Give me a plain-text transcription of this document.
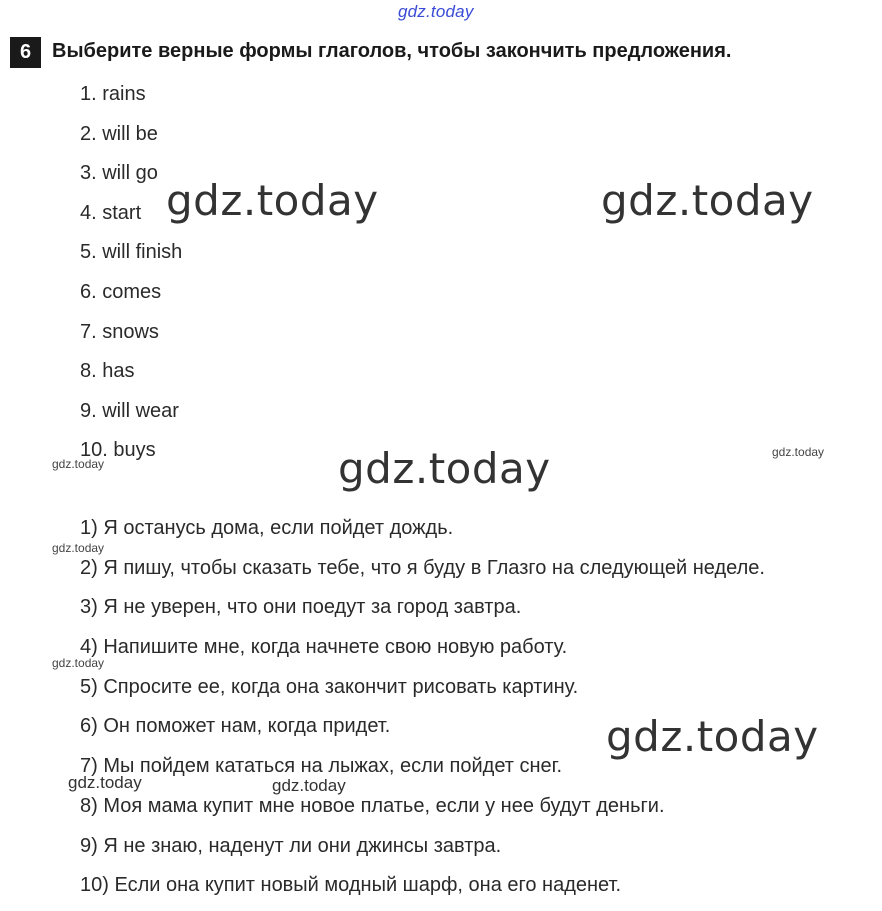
gdz.today
6	Выберите верные формы глаголов, чтобы закончить предложения.
1. rains
2. will be
3. will go
4. start
5. will finish
6. comes
7. snows
8. has
9. will wear
10. buys
1) Я останусь дома, если пойдет дождь.
2) Я пишу, чтобы сказать тебе, что я буду в Глазго на следующей неделе.
3) Я не уверен, что они поедут за город завтра.
4) Напишите мне, когда начнете свою новую работу.
5) Спросите ее, когда она закончит рисовать картину.
6) Он поможет нам, когда придет.
7) Мы пойдем кататься на лыжах, если пойдет снег.
8) Моя мама купит мне новое платье, если у нее будут деньги.
9) Я не знаю, наденут ли они джинсы завтра.
10) Если она купит новый модный шарф, она его наденет.
gdz.today	gdz.today
gdz.today
gdz.today
gdz.today
gdz.today
gdz.today
gdz.today
gdz.today	gdz.today
